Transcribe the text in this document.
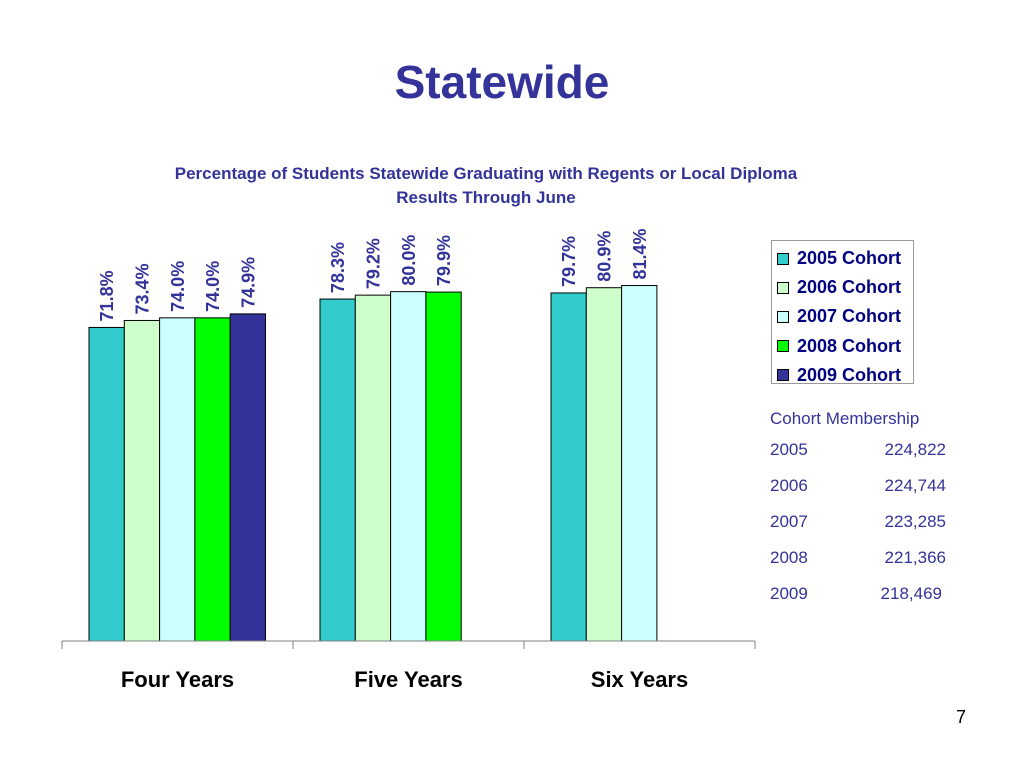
Statewide
Percentage of Students Statewide Graduating with Regents or Local Diploma
Results Through June
71.8% 73.4% 74.0% 74.0% 74.9%
Four Years
78.3% 79.2% 80.0% 79.9%
Five Years
79.7% 80.9% 81.4%
Six Years
2005 Cohort
2006 Cohort
2007 Cohort
2008 Cohort
2009 Cohort
Cohort Membership
2005	224,822
2006	224,744
2007	223,285
2008	221,366
2009	218,469
7
